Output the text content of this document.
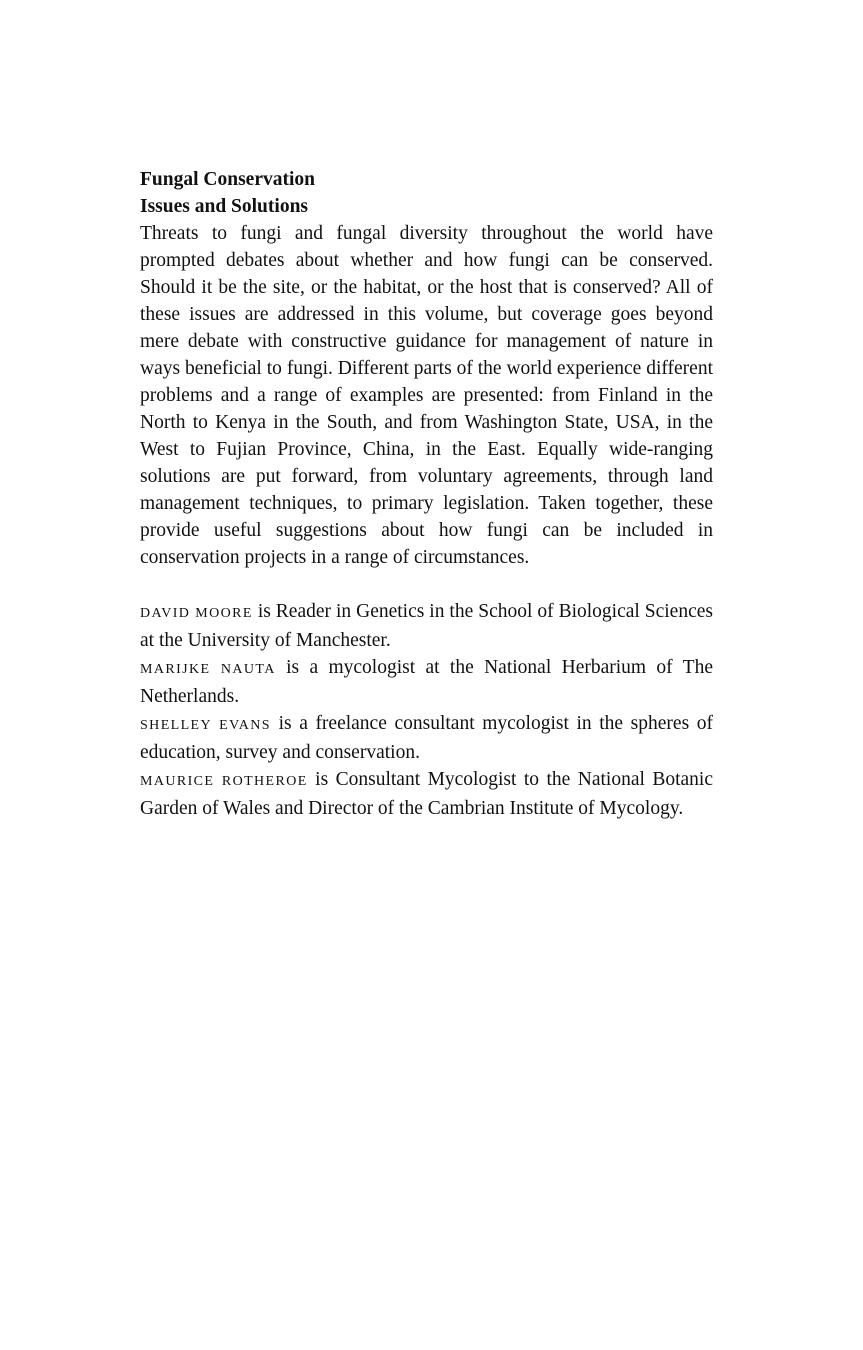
Fungal Conservation
Issues and Solutions

Threats to fungi and fungal diversity throughout the world have prompted debates about whether and how fungi can be conserved. Should it be the site, or the habitat, or the host that is conserved? All of these issues are addressed in this volume, but coverage goes beyond mere debate with constructive guidance for management of nature in ways beneficial to fungi. Different parts of the world experience different problems and a range of examples are presented: from Finland in the North to Kenya in the South, and from Washington State, USA, in the West to Fujian Province, China, in the East. Equally wide-ranging solutions are put forward, from voluntary agreements, through land management techniques, to primary legislation. Taken together, these provide useful suggestions about how fungi can be included in conservation projects in a range of circumstances.

DAVID MOORE is Reader in Genetics in the School of Biological Sciences at the University of Manchester.

MARIJKE NAUTA is a mycologist at the National Herbarium of The Netherlands.

SHELLEY EVANS is a freelance consultant mycologist in the spheres of education, survey and conservation.

MAURICE ROTHEROE is Consultant Mycologist to the National Botanic Garden of Wales and Director of the Cambrian Institute of Mycology.
